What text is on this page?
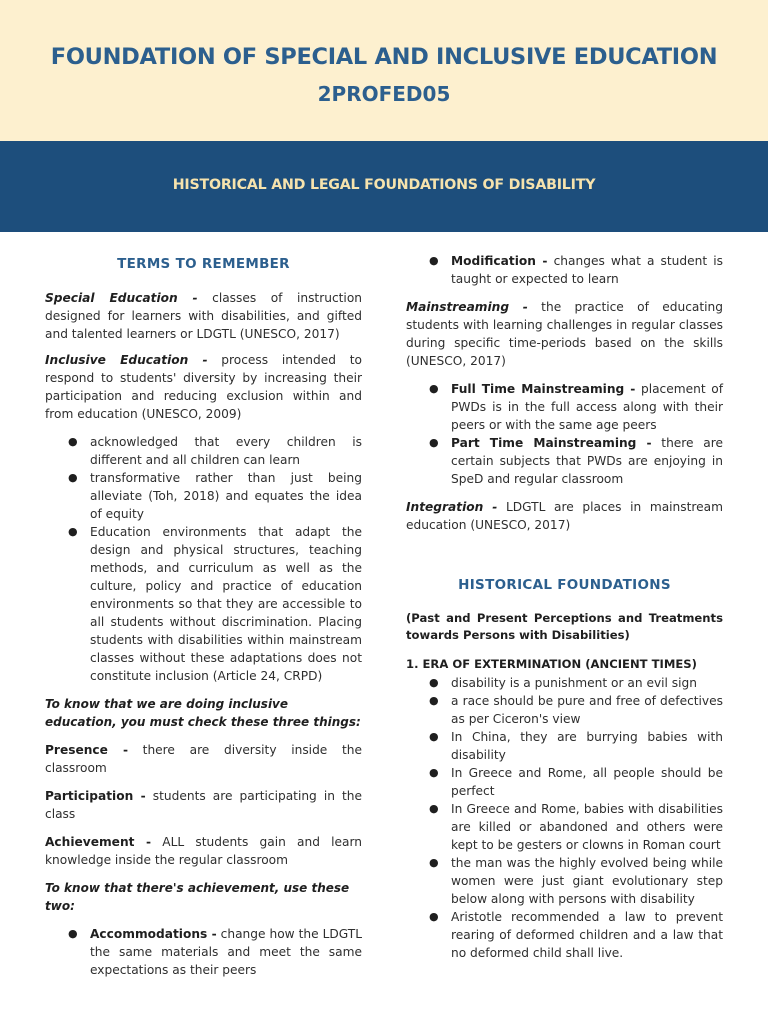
FOUNDATION OF SPECIAL AND INCLUSIVE EDUCATION
2PROFED05
HISTORICAL AND LEGAL FOUNDATIONS OF DISABILITY
TERMS TO REMEMBER

Special Education - classes of instruction designed for learners with disabilities, and gifted and talented learners or LDGTL (UNESCO, 2017)

Inclusive Education - process intended to respond to students' diversity by increasing their participation and reducing exclusion within and from education (UNESCO, 2009)

● acknowledged that every children is different and all children can learn
● transformative rather than just being alleviate (Toh, 2018) and equates the idea of equity
● Education environments that adapt the design and physical structures, teaching methods, and curriculum as well as the culture, policy and practice of education environments so that they are accessible to all students without discrimination. Placing students with disabilities within mainstream classes without these adaptations does not constitute inclusion (Article 24, CRPD)

To know that we are doing inclusive education, you must check these three things:

Presence - there are diversity inside the classroom

Participation - students are participating in the class

Achievement - ALL students gain and learn knowledge inside the regular classroom

To know that there's achievement, use these two:

● Accommodations - change how the LDGTL the same materials and meet the same expectations as their peers
● Modification - changes what a student is taught or expected to learn

Mainstreaming - the practice of educating students with learning challenges in regular classes during specific time-periods based on the skills (UNESCO, 2017)

● Full Time Mainstreaming - placement of PWDs is in the full access along with their peers or with the same age peers
● Part Time Mainstreaming - there are certain subjects that PWDs are enjoying in SpeD and regular classroom

Integration - LDGTL are places in mainstream education (UNESCO, 2017)

HISTORICAL FOUNDATIONS

(Past and Present Perceptions and Treatments towards Persons with Disabilities)

1. ERA OF EXTERMINATION (ANCIENT TIMES)

● disability is a punishment or an evil sign
● a race should be pure and free of defectives as per Ciceron's view
● In China, they are burrying babies with disability
● In Greece and Rome, all people should be perfect
● In Greece and Rome, babies with disabilities are killed or abandoned and others were kept to be gesters or clowns in Roman court
● the man was the highly evolved being while women were just giant evolutionary step below along with persons with disability
● Aristotle recommended a law to prevent rearing of deformed children and a law that no deformed child shall live.
